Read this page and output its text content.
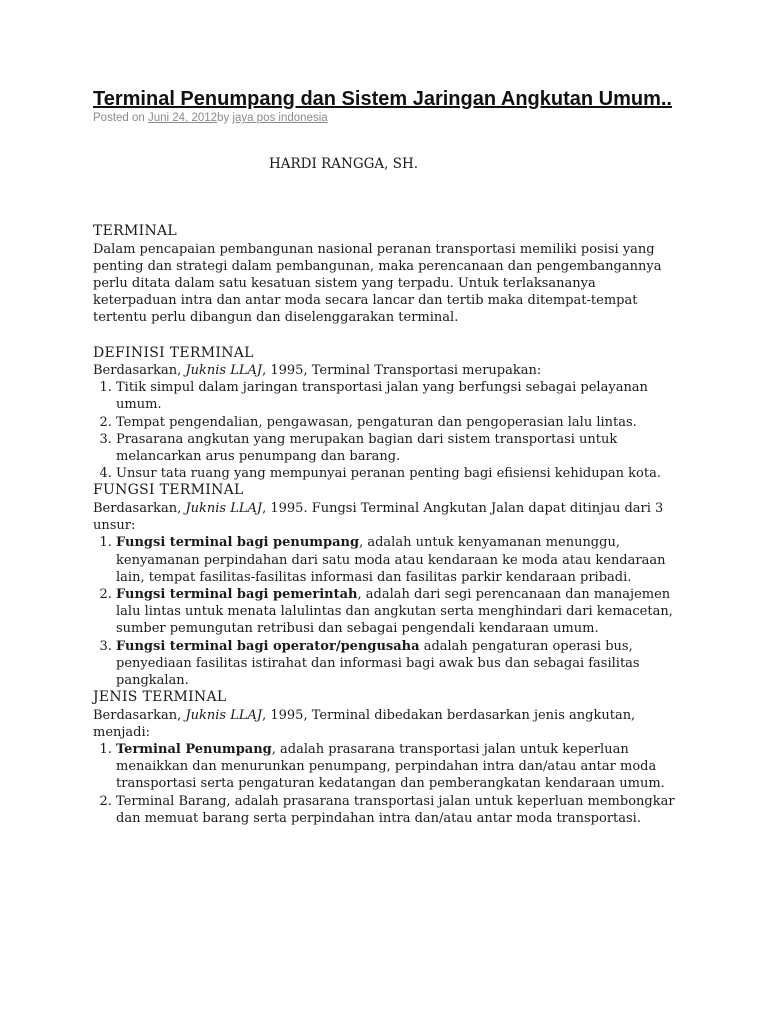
Terminal Penumpang dan Sistem Jaringan Angkutan Umum..
Posted on Juni 24, 2012by jaya pos indonesia
HARDI RANGGA, SH.
TERMINAL

Dalam pencapaian pembangunan nasional peranan transportasi memiliki posisi yang penting dan strategi dalam pembangunan, maka perencanaan dan pengembangannya perlu ditata dalam satu kesatuan sistem yang terpadu. Untuk terlaksananya keterpaduan intra dan antar moda secara lancar dan tertib maka ditempat-tempat tertentu perlu dibangun dan diselenggarakan terminal.

DEFINISI TERMINAL

Berdasarkan, Juknis LLAJ, 1995, Terminal Transportasi merupakan:

1. Titik simpul dalam jaringan transportasi jalan yang berfungsi sebagai pelayanan umum.
2. Tempat pengendalian, pengawasan, pengaturan dan pengoperasian lalu lintas.
3. Prasarana angkutan yang merupakan bagian dari sistem transportasi untuk melancarkan arus penumpang dan barang.
4. Unsur tata ruang yang mempunyai peranan penting bagi efisiensi kehidupan kota.
FUNGSI TERMINAL

Berdasarkan, Juknis LLAJ, 1995. Fungsi Terminal Angkutan Jalan dapat ditinjau dari 3 unsur:

1. Fungsi terminal bagi penumpang, adalah untuk kenyamanan menunggu, kenyamanan perpindahan dari satu moda atau kendaraan ke moda atau kendaraan lain, tempat fasilitas-fasilitas informasi dan fasilitas parkir kendaraan pribadi.
2. Fungsi terminal bagi pemerintah, adalah dari segi perencanaan dan manajemen lalu lintas untuk menata lalulintas dan angkutan serta menghindari dari kemacetan, sumber pemungutan retribusi dan sebagai pengendali kendaraan umum.
3. Fungsi terminal bagi operator/pengusaha adalah pengaturan operasi bus, penyediaan fasilitas istirahat dan informasi bagi awak bus dan sebagai fasilitas pangkalan.
JENIS TERMINAL

Berdasarkan, Juknis LLAJ, 1995, Terminal dibedakan berdasarkan jenis angkutan, menjadi:

1. Terminal Penumpang, adalah prasarana transportasi jalan untuk keperluan menaikkan dan menurunkan penumpang, perpindahan intra dan/atau antar moda transportasi serta pengaturan kedatangan dan pemberangkatan kendaraan umum.
2. Terminal Barang, adalah prasarana transportasi jalan untuk keperluan membongkar dan memuat barang serta perpindahan intra dan/atau antar moda transportasi.
